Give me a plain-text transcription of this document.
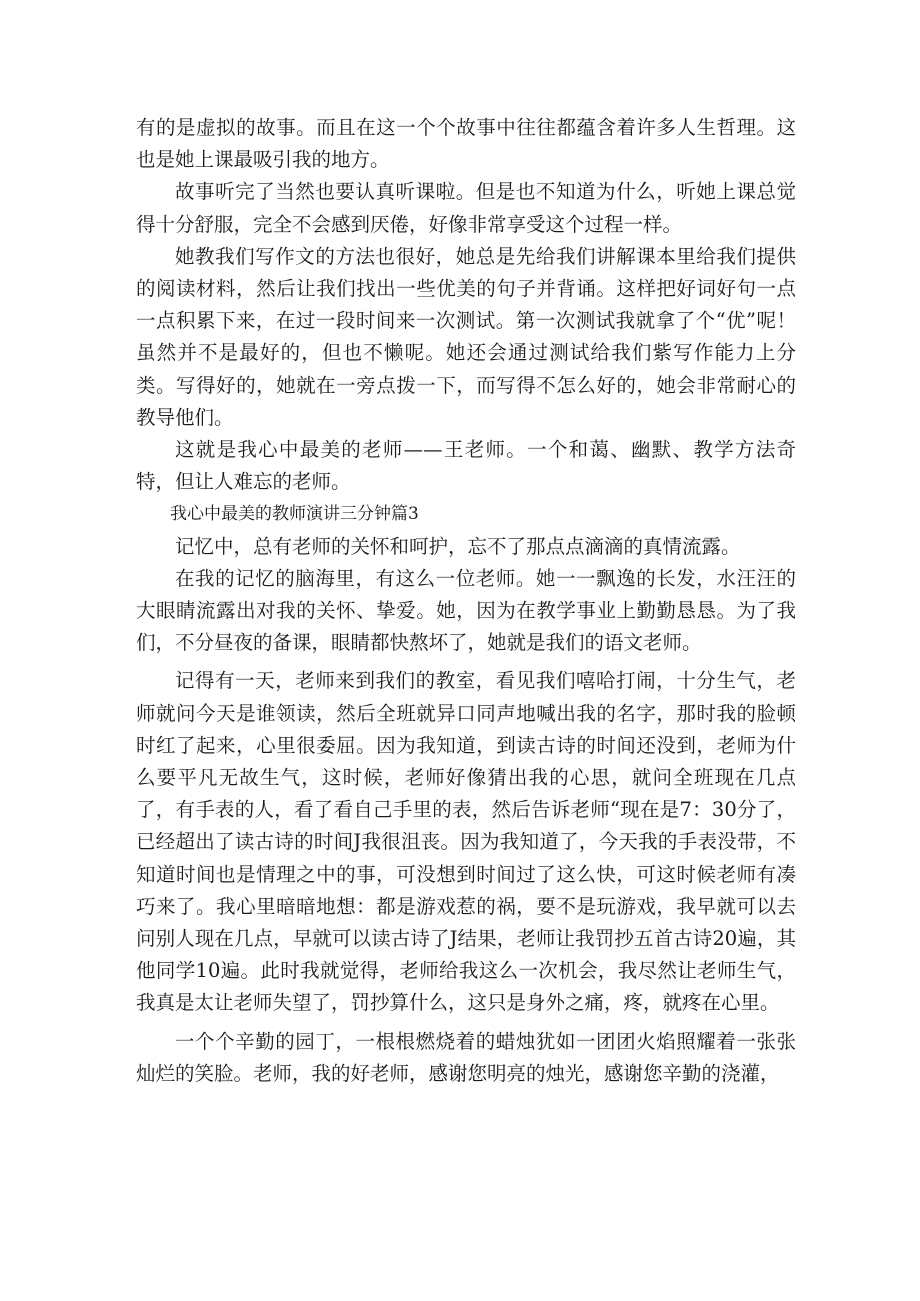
有的是虚拟的故事。而且在这一个个故事中往往都蕴含着许多人生哲理。这也是她上课最吸引我的地方。

故事听完了当然也要认真听课啦。但是也不知道为什么，听她上课总觉得十分舒服，完全不会感到厌倦，好像非常享受这个过程一样。

她教我们写作文的方法也很好，她总是先给我们讲解课本里给我们提供的阅读材料，然后让我们找出一些优美的句子并背诵。这样把好词好句一点一点积累下来，在过一段时间来一次测试。第一次测试我就拿了个“优”呢！虽然并不是最好的，但也不懒呢。她还会通过测试给我们紫写作能力上分类。写得好的，她就在一旁点拨一下，而写得不怎么好的，她会非常耐心的教导他们。

这就是我心中最美的老师——王老师。一个和蔼、幽默、教学方法奇特，但让人难忘的老师。

我心中最美的教师演讲三分钟篇3

记忆中，总有老师的关怀和呵护，忘不了那点点滴滴的真情流露。

在我的记忆的脑海里，有这么一位老师。她一一飘逸的长发，水汪汪的大眼睛流露出对我的关怀、挚爱。她，因为在教学事业上勤勤恳恳。为了我们，不分昼夜的备课，眼睛都快熬坏了，她就是我们的语文老师。

记得有一天，老师来到我们的教室，看见我们嘻哈打闹，十分生气，老师就问今天是谁领读，然后全班就异口同声地喊出我的名字，那时我的脸顿时红了起来，心里很委屈。因为我知道，到读古诗的时间还没到，老师为什么要平凡无故生气，这时候，老师好像猜出我的心思，就问全班现在几点了，有手表的人，看了看自己手里的表，然后告诉老师“现在是7：30分了，已经超出了读古诗的时间J我很沮丧。因为我知道了，今天我的手表没带，不知道时间也是情理之中的事，可没想到时间过了这么快，可这时候老师有凑巧来了。我心里暗暗地想：都是游戏惹的祸，要不是玩游戏，我早就可以去问别人现在几点，早就可以读古诗了J结果，老师让我罚抄五首古诗20遍，其他同学10遍。此时我就觉得，老师给我这么一次机会，我尽然让老师生气，我真是太让老师失望了，罚抄算什么，这只是身外之痛，疼，就疼在心里。

一个个辛勤的园丁，一根根燃烧着的蜡烛犹如一团团火焰照耀着一张张灿烂的笑脸。老师，我的好老师，感谢您明亮的烛光，感谢您辛勤的浇灌，
